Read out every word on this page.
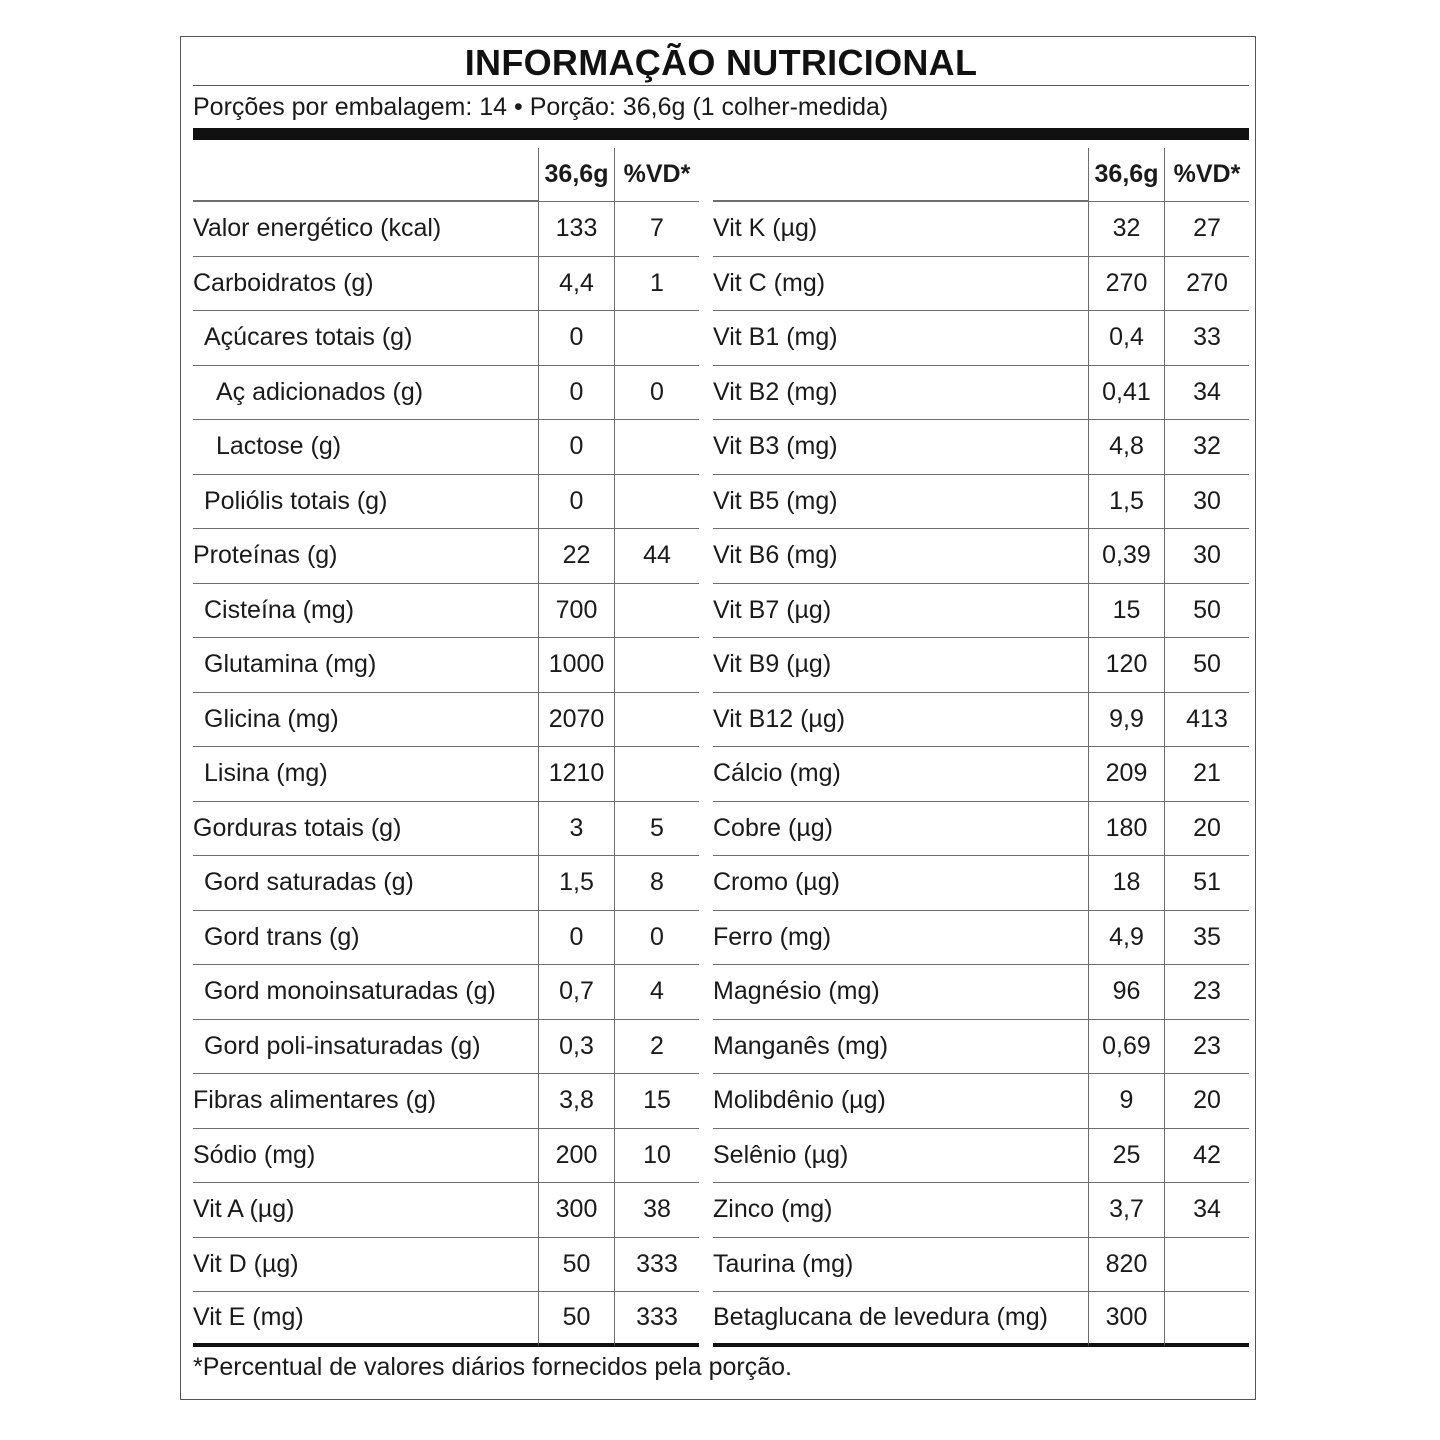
INFORMAÇÃO NUTRICIONAL
Porções por embalagem: 14 • Porção: 36,6g (1 colher-medida)
36,6g %VD*
Valor energético (kcal)	133	7
Carboidratos (g)	4,4	1
Açúcares totais (g)	0
Aç adicionados (g)	0	0
Lactose (g)	0
Poliólis totais (g)	0
Proteínas (g)	22	44
Cisteína (mg)	700
Glutamina (mg)	1000
Glicina (mg)	2070
Lisina (mg)	1210
Gorduras totais (g)	3	5
Gord saturadas (g)	1,5	8
Gord trans (g)	0	0
Gord monoinsaturadas (g)	0,7	4
Gord poli-insaturadas (g)	0,3	2
Fibras alimentares (g)	3,8	15
Sódio (mg)	200	10
Vit A (µg)	300	38
Vit D (µg)	50	333
Vit E (mg)	50	333
36,6g %VD*
Vit K (µg)	32	27
Vit C (mg)	270	270
Vit B1 (mg)	0,4	33
Vit B2 (mg)	0,41	34
Vit B3 (mg)	4,8	32
Vit B5 (mg)	1,5	30
Vit B6 (mg)	0,39	30
Vit B7 (µg)	15	50
Vit B9 (µg)	120	50
Vit B12 (µg)	9,9	413
Cálcio (mg)	209	21
Cobre (µg)	180	20
Cromo (µg)	18	51
Ferro (mg)	4,9	35
Magnésio (mg)	96	23
Manganês (mg)	0,69	23
Molibdênio (µg)	9	20
Selênio (µg)	25	42
Zinco (mg)	3,7	34
Taurina (mg)	820
Betaglucana de levedura (mg)	300
*Percentual de valores diários fornecidos pela porção.
